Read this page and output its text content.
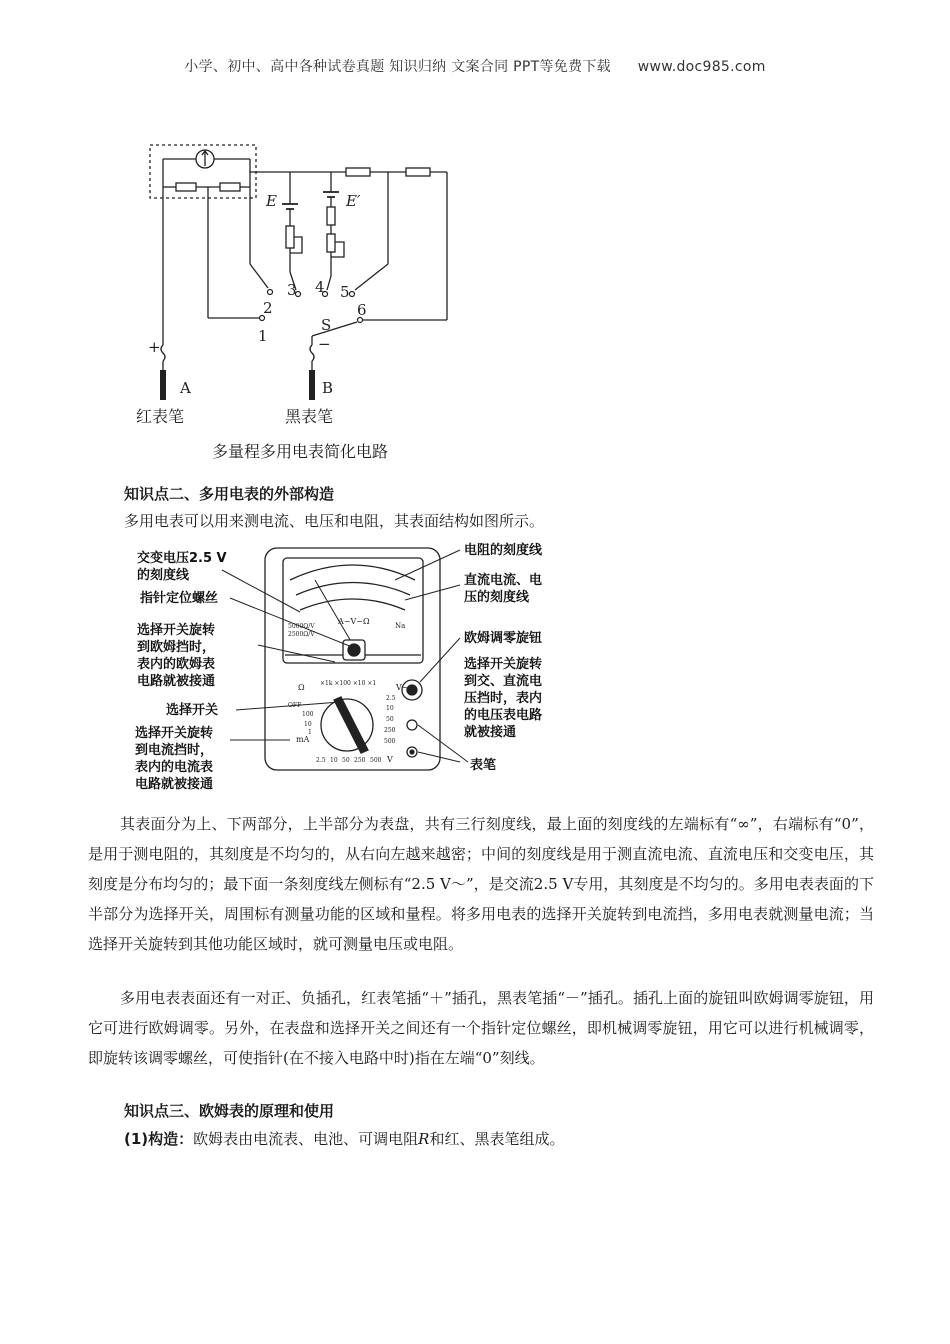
小学、初中、高中各种试卷真题 知识归纳 文案合同 PPT等免费下载 www.doc985.com
E	E′
1
2
3 4 5
6
S
+	−
A	B
红表笔	黑表笔
多量程多用电表简化电路
知识点二、多用电表的外部构造
多用电表可以用来测电流、电压和电阻，其表面结构如图所示。
A−V−Ω
5000Ω/V
2500Ω/V
Na
Ω	×1k ×100 ×10 ×1
OFF
mA
V~
V
100
10
1
2.5 10 50 250 500
2.5
10
50
250
500
交变电压2.5 V
的刻度线
指针定位螺丝
选择开关旋转
到欧姆挡时，
表内的欧姆表
电路就被接通
选择开关
选择开关旋转
到电流挡时，
表内的电流表
电路就被接通
电阻的刻度线
直流电流、电
压的刻度线
欧姆调零旋钮
选择开关旋转
到交、直流电
压挡时，表内
的电压表电路
就被接通
表笔
其表面分为上、下两部分，上半部分为表盘，共有三行刻度线，最上面的刻度线的左端标有“∞”，右端标有“0”，是用于测电阻的，其刻度是不均匀的，从右向左越来越密；中间的刻度线是用于测直流电流、直流电压和交变电压，其刻度是分布均匀的；最下面一条刻度线左侧标有“2.5 V～”，是交流2.5 V专用，其刻度是不均匀的。多用电表表面的下半部分为选择开关，周围标有测量功能的区域和量程。将多用电表的选择开关旋转到电流挡，多用电表就测量电流；当选择开关旋转到其他功能区域时，就可测量电压或电阻。
多用电表表面还有一对正、负插孔，红表笔插“＋”插孔，黑表笔插“－”插孔。插孔上面的旋钮叫欧姆调零旋钮，用它可进行欧姆调零。另外，在表盘和选择开关之间还有一个指针定位螺丝，即机械调零旋钮，用它可以进行机械调零，即旋转该调零螺丝，可使指针(在不接入电路中时)指在左端“0”刻线。
知识点三、欧姆表的原理和使用
(1)构造：欧姆表由电流表、电池、可调电阻R和红、黑表笔组成。
